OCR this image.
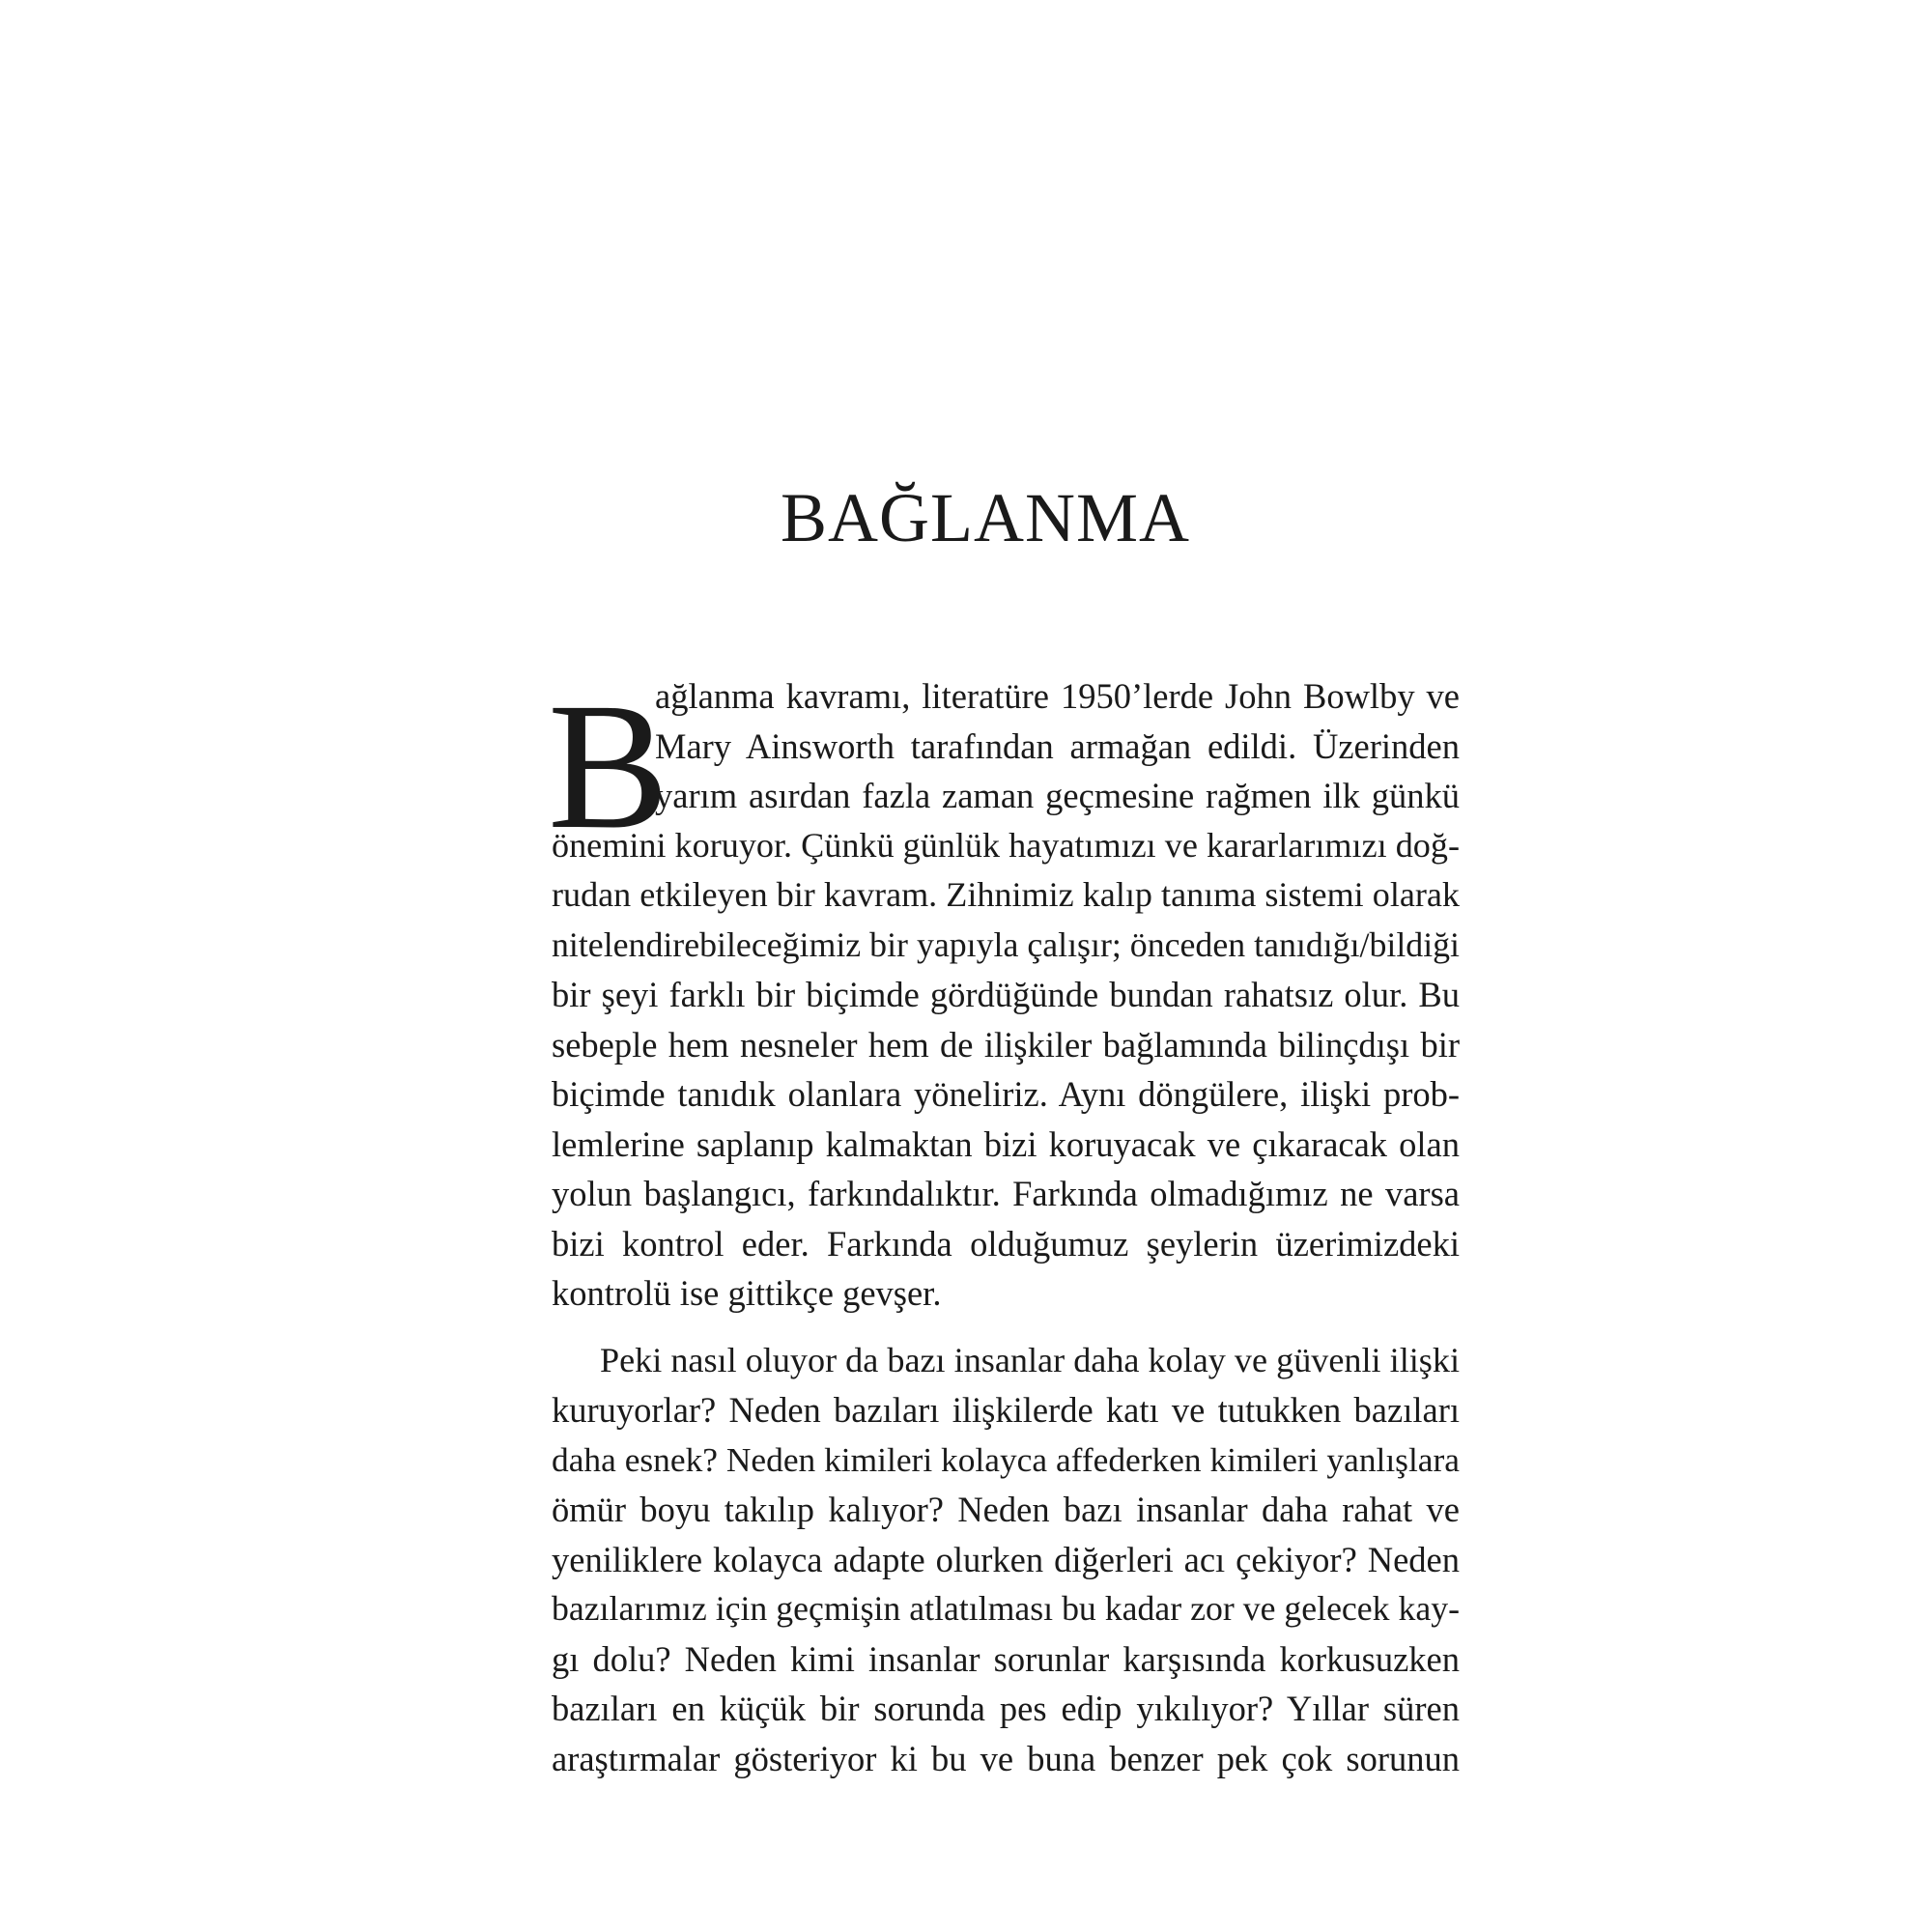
BAĞLANMA
B
ağlanma kavramı, literatüre 1950’lerde John Bowlby ve
Mary Ainsworth tarafından armağan edildi. Üzerinden
yarım asırdan fazla zaman geçmesine rağmen ilk günkü
önemini koruyor. Çünkü günlük hayatımızı ve kararlarımızı doğ-
rudan etkileyen bir kavram. Zihnimiz kalıp tanıma sistemi olarak
nitelendirebileceğimiz bir yapıyla çalışır; önceden tanıdığı/bildiği
bir şeyi farklı bir biçimde gördüğünde bundan rahatsız olur. Bu
sebeple hem nesneler hem de ilişkiler bağlamında bilinçdışı bir
biçimde tanıdık olanlara yöneliriz. Aynı döngülere, ilişki prob-
lemlerine saplanıp kalmaktan bizi koruyacak ve çıkaracak olan
yolun başlangıcı, farkındalıktır. Farkında olmadığımız ne varsa
bizi kontrol eder. Farkında olduğumuz şeylerin üzerimizdeki
kontrolü ise gittikçe gevşer.
Peki nasıl oluyor da bazı insanlar daha kolay ve güvenli ilişki
kuruyorlar? Neden bazıları ilişkilerde katı ve tutukken bazıları
daha esnek? Neden kimileri kolayca affederken kimileri yanlışlara
ömür boyu takılıp kalıyor? Neden bazı insanlar daha rahat ve
yeniliklere kolayca adapte olurken diğerleri acı çekiyor? Neden
bazılarımız için geçmişin atlatılması bu kadar zor ve gelecek kay-
gı dolu? Neden kimi insanlar sorunlar karşısında korkusuzken
bazıları en küçük bir sorunda pes edip yıkılıyor? Yıllar süren
araştırmalar gösteriyor ki bu ve buna benzer pek çok sorunun
